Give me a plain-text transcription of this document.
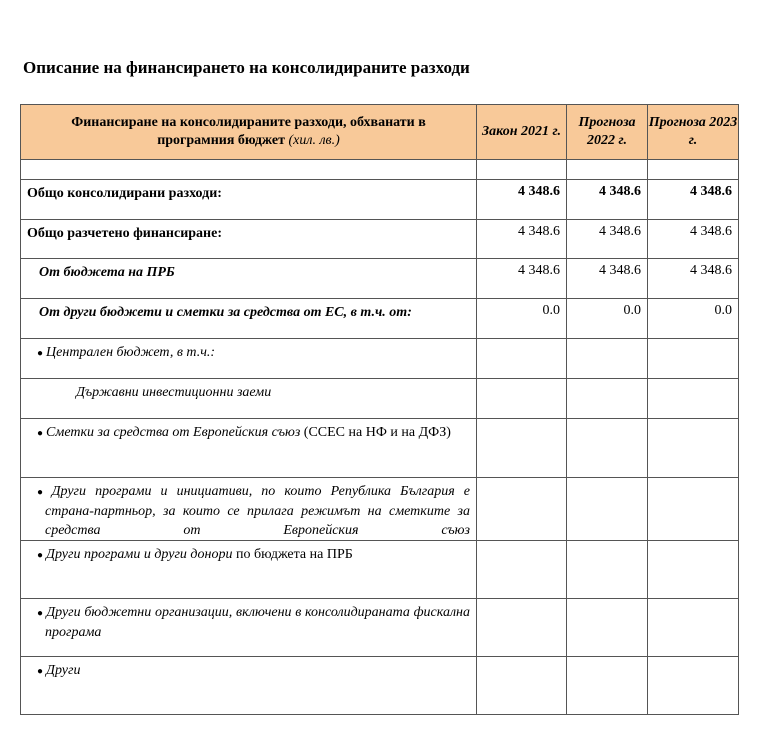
Описание на финансирането на консолидираните разходи
Финансиране на консолидираните разходи, обхванати в програмния бюджет (хил. лв.)	Закон 2021 г.	Прогноза 2022 г.	Прогноза 2023 г.

Общо консолидирани разходи:	4 348.6	4 348.6	4 348.6
Общо разчетено финансиране:	4 348.6	4 348.6	4 348.6
От бюджета на ПРБ	4 348.6	4 348.6	4 348.6
От други бюджети и сметки за средства от ЕС, в т.ч. от:	0.0	0.0	0.0
● Централен бюджет, в т.ч.:			
Държавни инвестиционни заеми			
● Сметки за средства от Европейския съюз (ССЕС на НФ и на ДФЗ)			
● Други програми и инициативи, по които Република България е страна-партньор, за които се прилага режимът на сметките за средства от Европейския съюз			
● Други програми и други донори по бюджета на ПРБ			
● Други бюджетни организации, включени в консолидираната фискална програма			
● Други			
